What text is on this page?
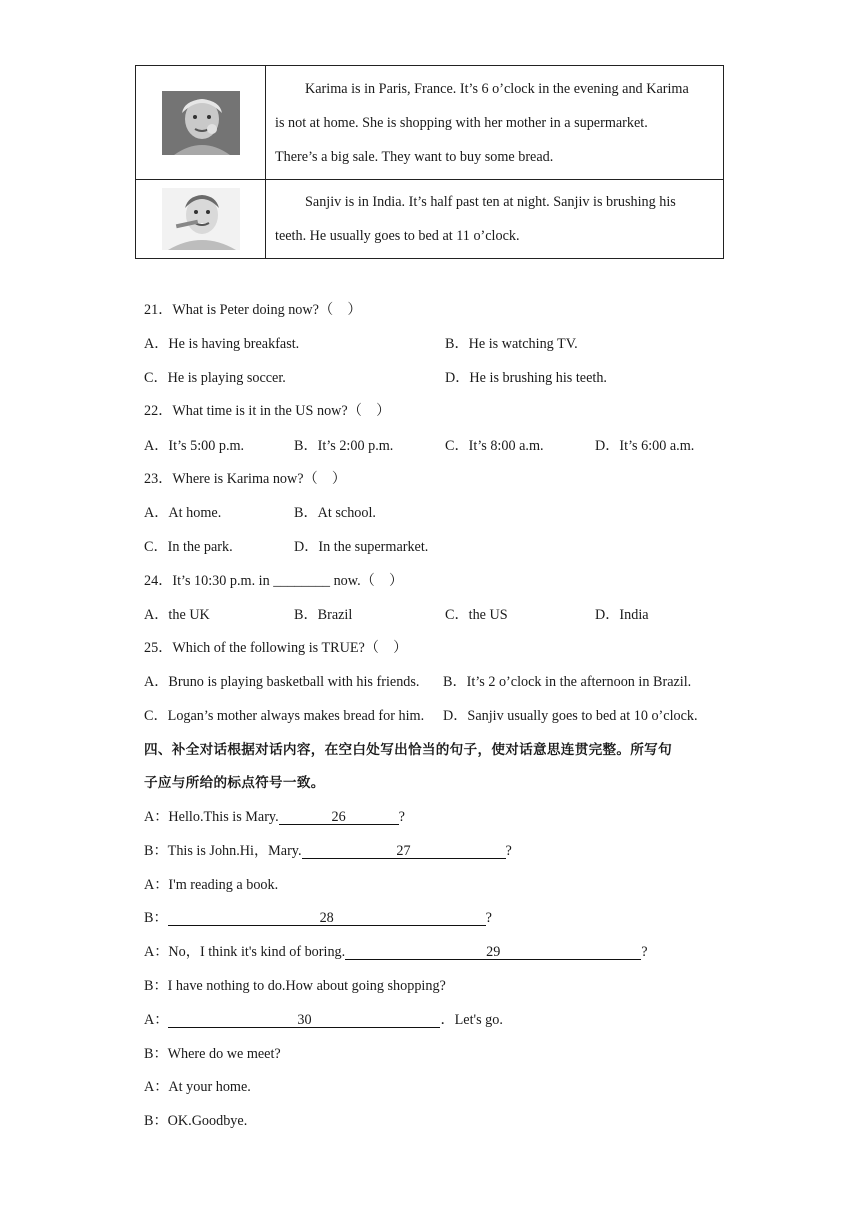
Karima is in Paris, France. It’s 6 o’clock in the evening and Karima

is not at home. She is shopping with her mother in a supermarket.

There’s a big sale. They want to buy some bread.

Sanjiv is in India. It’s half past ten at night. Sanjiv is brushing his

teeth. He usually goes to bed at 11 o’clock.

21．What is Peter doing now?（　）
A．He is having breakfast.	B．He is watching TV.
C．He is playing soccer.	D．He is brushing his teeth.
22．What time is it in the US now?（　）
A．It’s 5:00 p.m.	B．It’s 2:00 p.m.	C．It’s 8:00 a.m.	D．It’s 6:00 a.m.
23．Where is Karima now?（　）
A．At home.	B．At school.
C．In the park.	D．In the supermarket.
24．It’s 10:30 p.m. in ________ now.（　）
A．the UK	B．Brazil	C．the US	D．India
25．Which of the following is TRUE?（　）
A．Bruno is playing basketball with his friends. B．It’s 2 o’clock in the afternoon in Brazil.
C．Logan’s mother always makes bread for him. D．Sanjiv usually goes to bed at 10 o’clock.
四、补全对话根据对话内容，在空白处写出恰当的句子，使对话意思连贯完整。所写句
子应与所给的标点符号一致。
A：Hello.This is Mary.	26	?
B：This is John.Hi，Mary.	27	?
A：I'm reading a book.
B：	28	?
A：No，I think it's kind of boring.	29	?
B：I have nothing to do.How about going shopping?
A：	30	．Let's go.
B：Where do we meet?
A：At your home.
B：OK.Goodbye.
